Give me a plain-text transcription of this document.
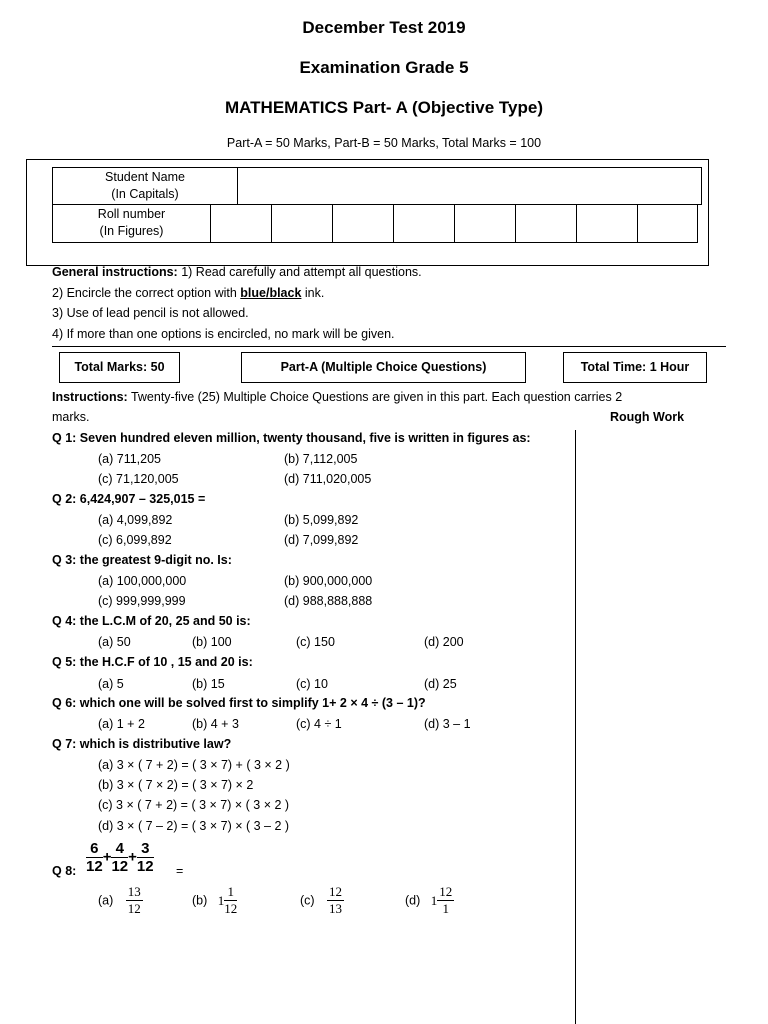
December Test 2019
Examination Grade 5
MATHEMATICS Part- A (Objective Type)
Part-A = 50 Marks, Part-B = 50 Marks, Total Marks = 100
Student Name
(In Capitals)
Roll number
(In Figures)
General instructions: 1) Read carefully and attempt all questions.
2) Encircle the correct option with blue/black ink.
3) Use of lead pencil is not allowed.
4) If more than one options is encircled, no mark will be given.
Total Marks: 50	Part-A (Multiple Choice Questions)	Total Time: 1 Hour
Instructions: Twenty-five (25) Multiple Choice Questions are given in this part. Each question carries 2
marks.	Rough Work
Q 1: Seven hundred eleven million, twenty thousand, five is written in figures as:
(a) 711,205	(b) 7,112,005
(c) 71,120,005	(d) 711,020,005
Q 2: 6,424,907 – 325,015 =
(a) 4,099,892	(b) 5,099,892
(c) 6,099,892	(d) 7,099,892
Q 3: the greatest 9-digit no. Is:
(a) 100,000,000	(b) 900,000,000
(c) 999,999,999	(d) 988,888,888
Q 4: the L.C.M of 20, 25 and 50 is:
(a) 50	(b) 100	(c) 150	(d) 200
Q 5: the H.C.F of 10 , 15 and 20 is:
(a) 5	(b) 15	(c) 10	(d) 25
Q 6: which one will be solved first to simplify 1+ 2 × 4 ÷ (3 – 1)?
(a) 1 + 2	(b) 4 + 3	(c) 4 ÷ 1	(d) 3 – 1
Q 7: which is distributive law?
(a) 3 × ( 7 + 2) = ( 3 × 7) + ( 3 × 2 )
(b) 3 × ( 7 × 2) = ( 3 × 7) × 2
(c) 3 × ( 7 + 2) = ( 3 × 7) × ( 3 × 2 )
(d) 3 × ( 7 – 2) = ( 3 × 7) × ( 3 – 2 )
Q 8: $\frac{6}{12} + \frac{4}{12} + \frac{3}{12}$ =
$(a) \frac{13}{12}$	(b) $1 \frac{1}{12}$	$(c) \frac{12}{13}$	(d) $1 \frac{12}{1}$
